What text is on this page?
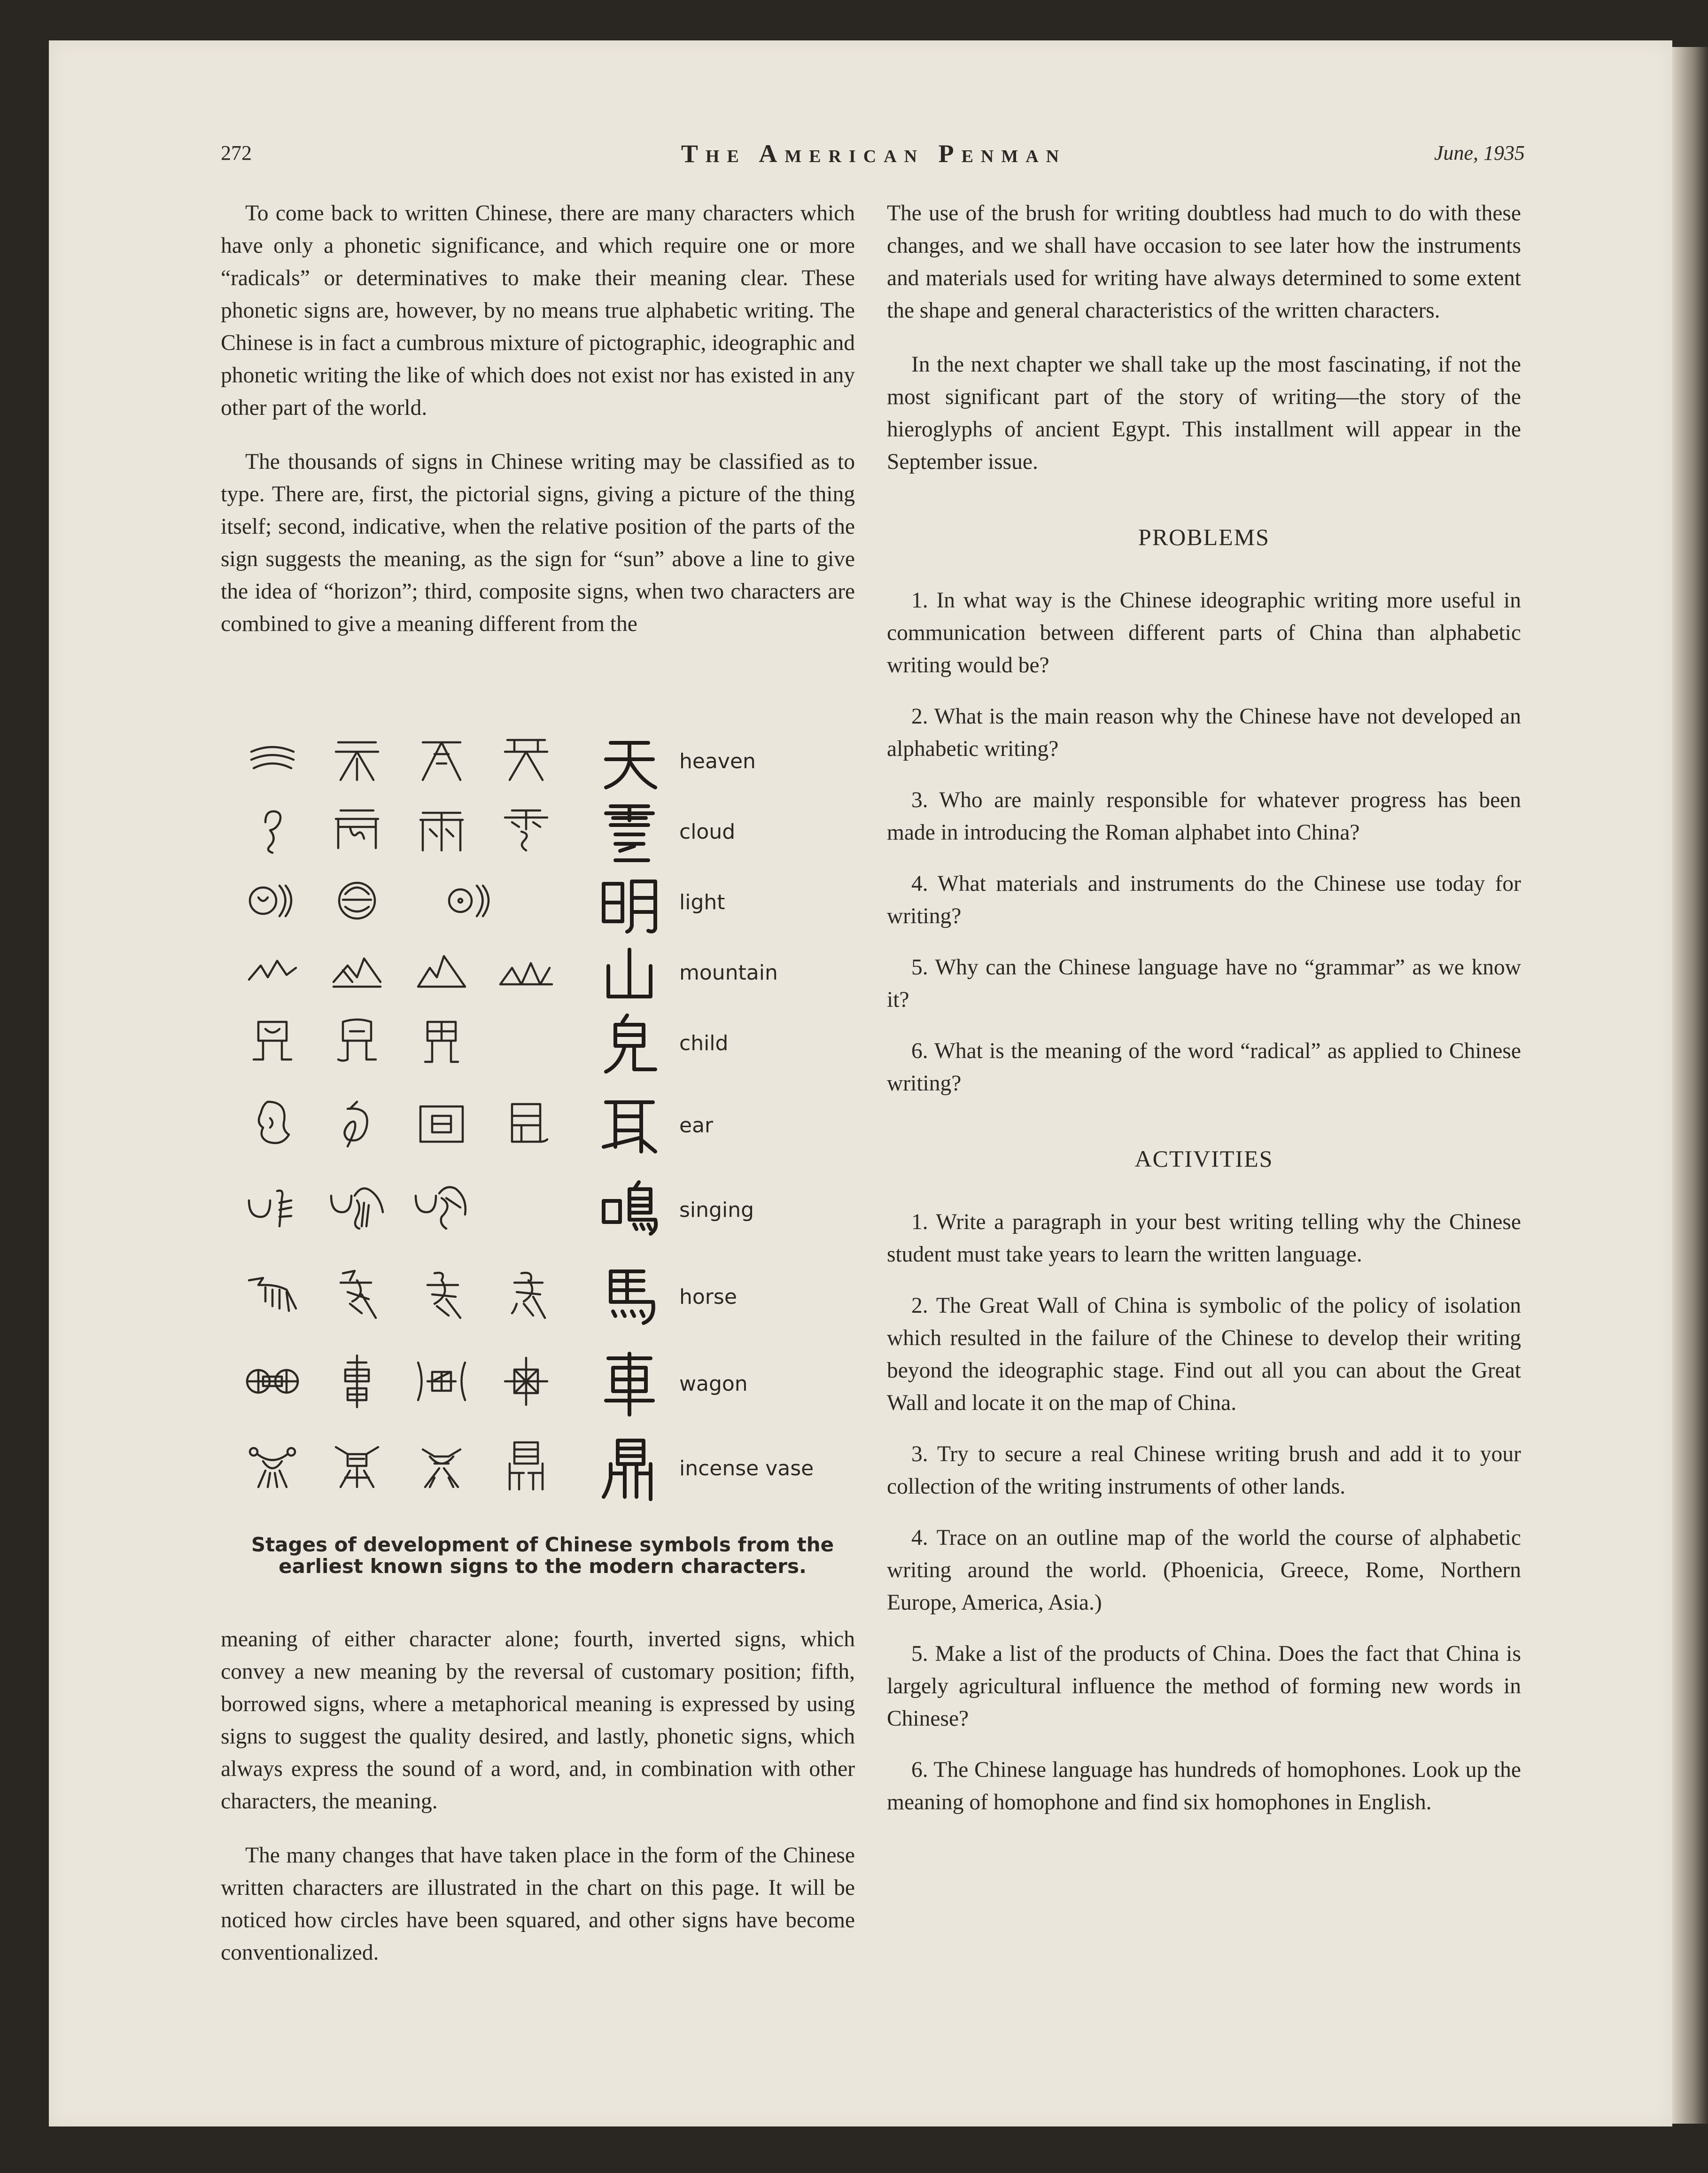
272	The American Penman	June, 1935

To come back to written Chinese, there are many characters which have only a phonetic significance, and which require one or more “radicals” or determinatives to make their meaning clear. These phonetic signs are, however, by no means true alphabetic writing. The Chinese is in fact a cumbrous mixture of pictographic, ideographic and phonetic writing the like of which does not exist nor has existed in any other part of the world.

The thousands of signs in Chinese writing may be classified as to type. There are, first, the pictorial signs, giving a picture of the thing itself; second, indicative, when the relative position of the parts of the sign suggests the meaning, as the sign for “sun” above a line to give the idea of “horizon”; third, composite signs, when two characters are combined to give a meaning different from the

heaven
cloud
light
mountain
child
ear
singing
horse
wagon
incense vase
Stages of development of Chinese symbols from the earliest known signs to the modern characters.

meaning of either character alone; fourth, inverted signs, which convey a new meaning by the reversal of customary position; fifth, borrowed signs, where a metaphorical meaning is expressed by using signs to suggest the quality desired, and lastly, phonetic signs, which always express the sound of a word, and, in combination with other characters, the meaning.

The many changes that have taken place in the form of the Chinese written characters are illustrated in the chart on this page. It will be noticed how circles have been squared, and other signs have become conventionalized.

The use of the brush for writing doubtless had much to do with these changes, and we shall have occasion to see later how the instruments and materials used for writing have always determined to some extent the shape and general characteristics of the written characters.

In the next chapter we shall take up the most fascinating, if not the most significant part of the story of writing—the story of the hieroglyphs of ancient Egypt. This installment will appear in the September issue.

PROBLEMS

1. In what way is the Chinese ideographic writing more useful in communication between different parts of China than alphabetic writing would be?

2. What is the main reason why the Chinese have not developed an alphabetic writing?

3. Who are mainly responsible for whatever progress has been made in introducing the Roman alphabet into China?

4. What materials and instruments do the Chinese use today for writing?

5. Why can the Chinese language have no “grammar” as we know it?

6. What is the meaning of the word “radical” as applied to Chinese writing?

ACTIVITIES

1. Write a paragraph in your best writing telling why the Chinese student must take years to learn the written language.

2. The Great Wall of China is symbolic of the policy of isolation which resulted in the failure of the Chinese to develop their writing beyond the ideographic stage. Find out all you can about the Great Wall and locate it on the map of China.

3. Try to secure a real Chinese writing brush and add it to your collection of the writing instruments of other lands.

4. Trace on an outline map of the world the course of alphabetic writing around the world. (Phoenicia, Greece, Rome, Northern Europe, America, Asia.)

5. Make a list of the products of China. Does the fact that China is largely agricultural influence the method of forming new words in Chinese?

6. The Chinese language has hundreds of homophones. Look up the meaning of homophone and find six homophones in English.
